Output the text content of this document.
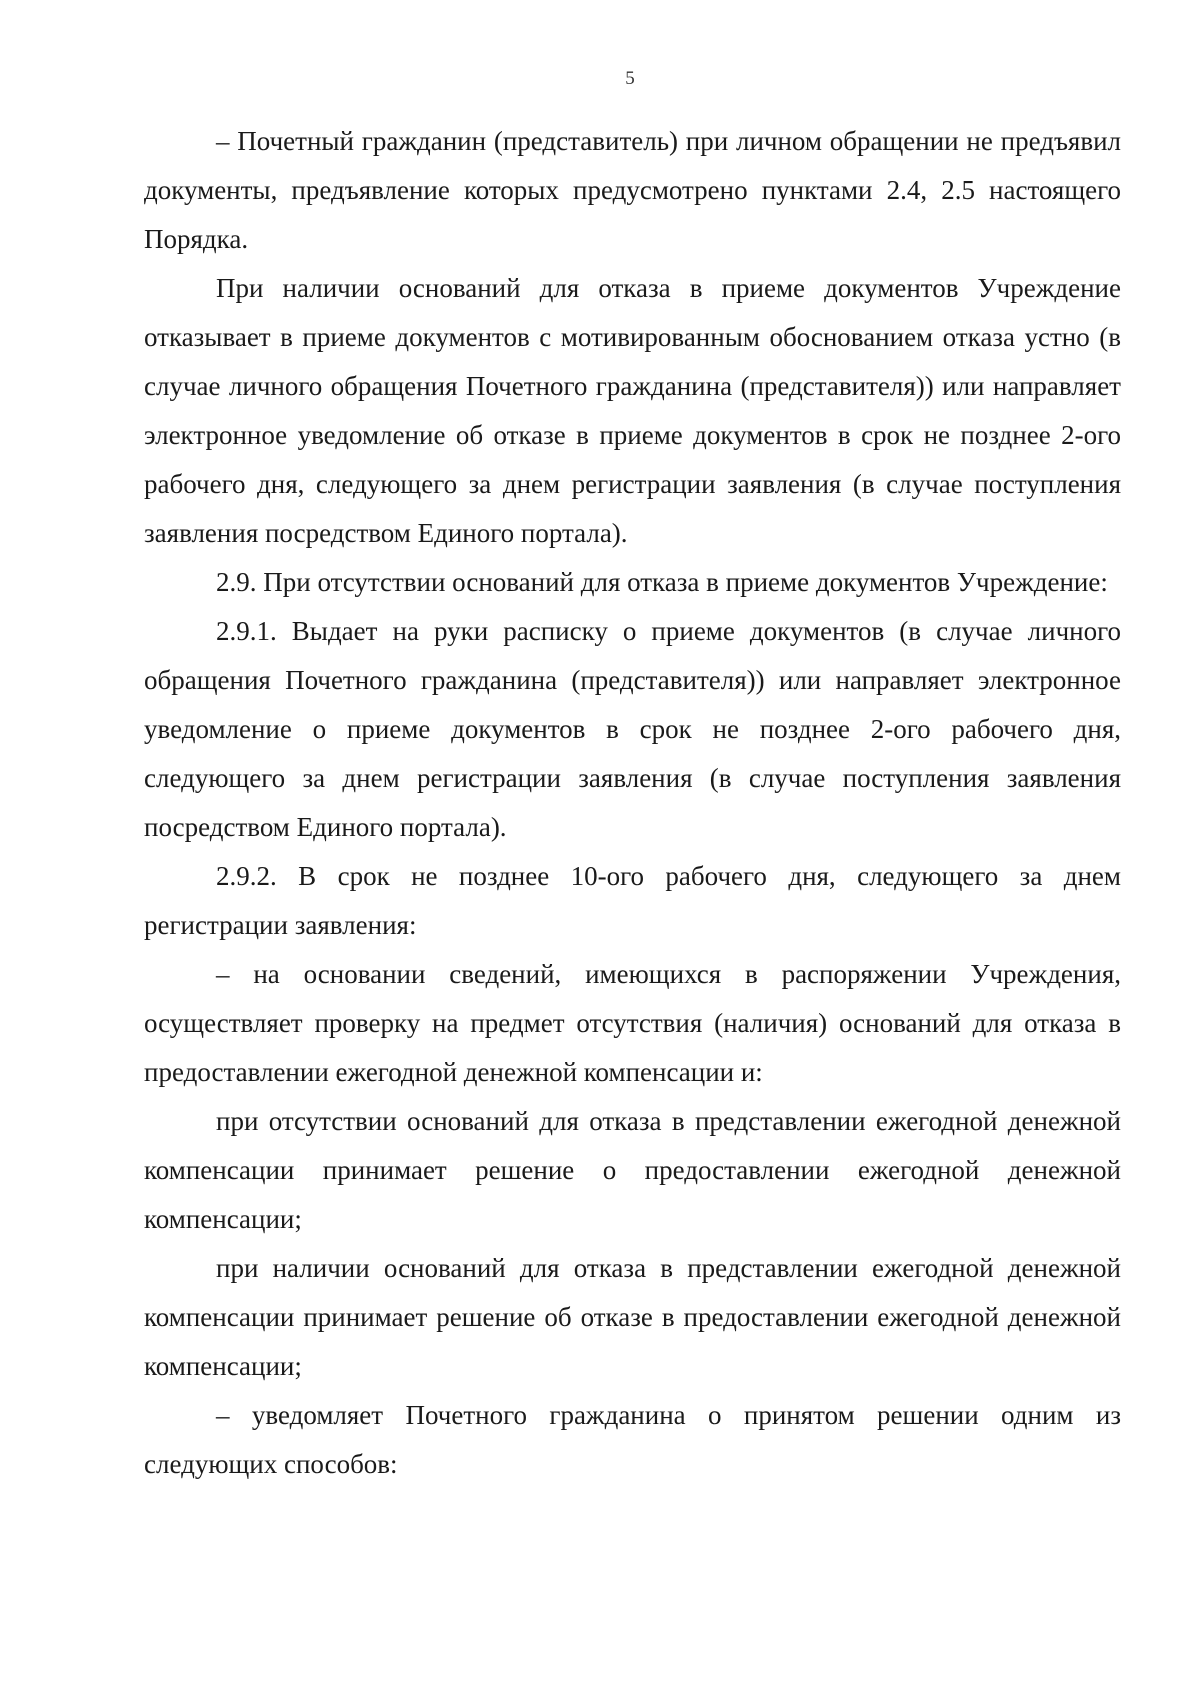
5

– Почетный гражданин (представитель) при личном обращении не предъявил документы, предъявление которых предусмотрено пунктами 2.4, 2.5 настоящего Порядка.

При наличии оснований для отказа в приеме документов Учреждение отказывает в приеме документов с мотивированным обоснованием отказа устно (в случае личного обращения Почетного гражданина (представителя)) или направляет электронное уведомление об отказе в приеме документов в срок не позднее 2-ого рабочего дня, следующего за днем регистрации заявления (в случае поступления заявления посредством Единого портала).

2.9. При отсутствии оснований для отказа в приеме документов Учреждение:

2.9.1. Выдает на руки расписку о приеме документов (в случае личного обращения Почетного гражданина (представителя)) или направляет электронное уведомление о приеме документов в срок не позднее 2-ого рабочего дня, следующего за днем регистрации заявления (в случае поступления заявления посредством Единого портала).

2.9.2. В срок не позднее 10-ого рабочего дня, следующего за днем регистрации заявления:

– на основании сведений, имеющихся в распоряжении Учреждения, осуществляет проверку на предмет отсутствия (наличия) оснований для отказа в предоставлении ежегодной денежной компенсации и:

при отсутствии оснований для отказа в представлении ежегодной денежной компенсации принимает решение о предоставлении ежегодной денежной компенсации;

при наличии оснований для отказа в представлении ежегодной денежной компенсации принимает решение об отказе в предоставлении ежегодной денежной компенсации;

– уведомляет Почетного гражданина о принятом решении одним из следующих способов:
